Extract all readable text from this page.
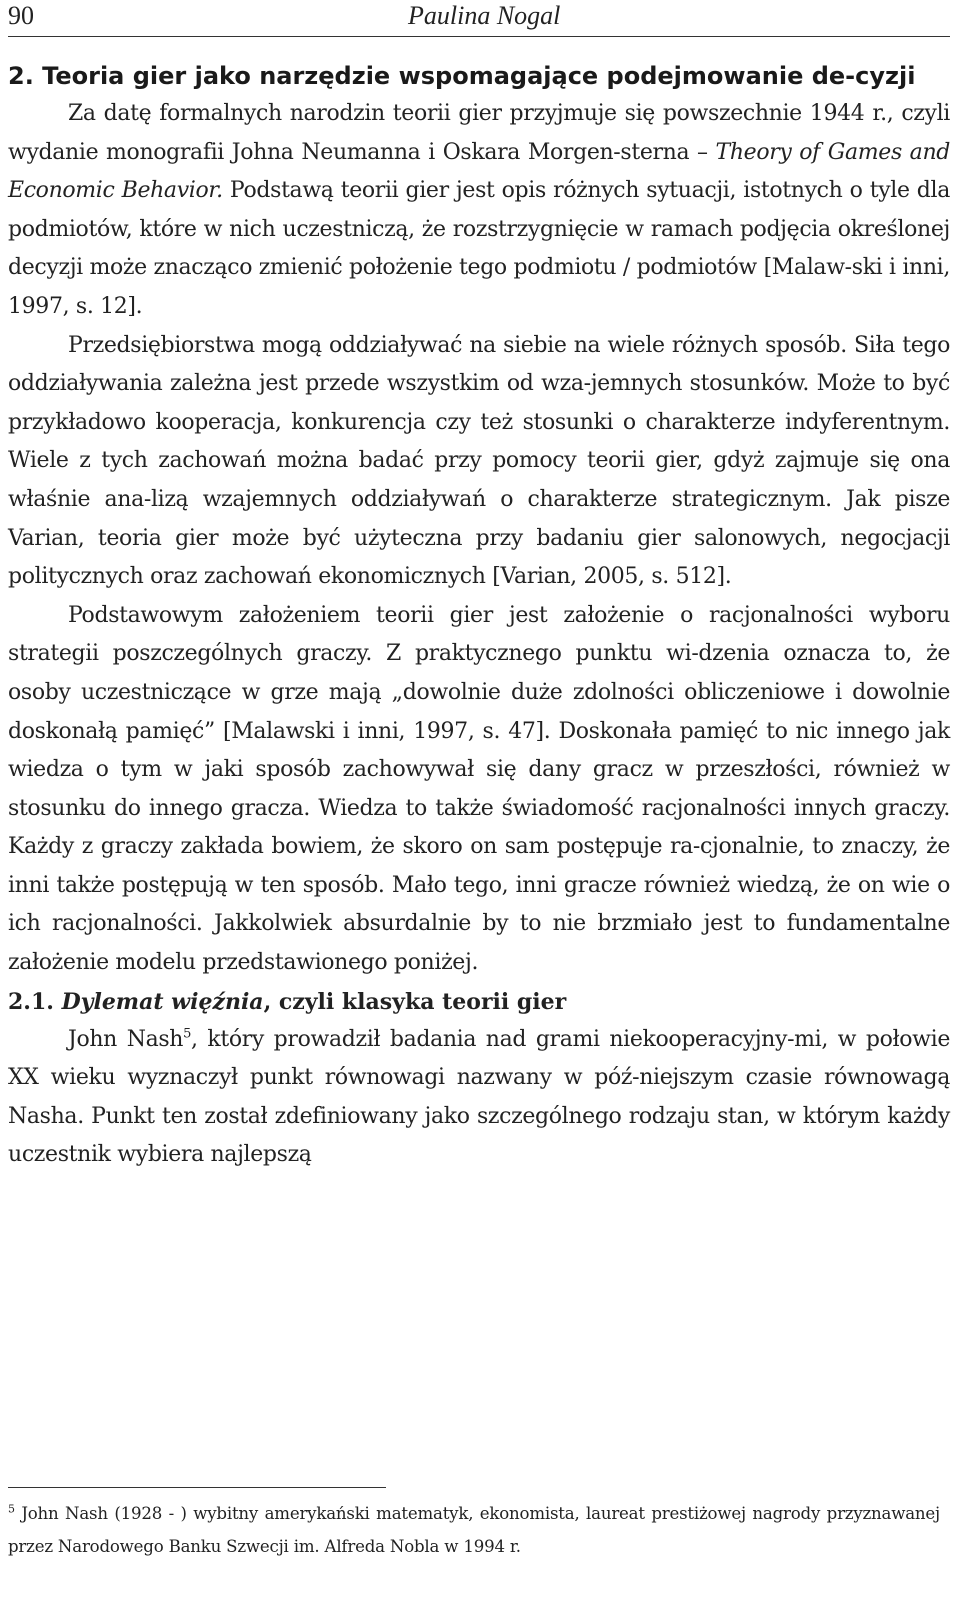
90	Paulina Nogal
2. Teoria gier jako narzędzie wspomagające podejmowanie de-cyzji

Za datę formalnych narodzin teorii gier przyjmuje się powszechnie 1944 r., czyli wydanie monografii Johna Neumanna i Oskara Morgen-sterna – Theory of Games and Economic Behavior. Podstawą teorii gier jest opis różnych sytuacji, istotnych o tyle dla podmiotów, które w nich uczestniczą, że rozstrzygnięcie w ramach podjęcia określonej decyzji może znacząco zmienić położenie tego podmiotu / podmiotów [Malaw-ski i inni, 1997, s. 12].

Przedsiębiorstwa mogą oddziaływać na siebie na wiele różnych sposób. Siła tego oddziaływania zależna jest przede wszystkim od wza-jemnych stosunków. Może to być przykładowo kooperacja, konkurencja czy też stosunki o charakterze indyferentnym. Wiele z tych zachowań można badać przy pomocy teorii gier, gdyż zajmuje się ona właśnie ana-lizą wzajemnych oddziaływań o charakterze strategicznym. Jak pisze Varian, teoria gier może być użyteczna przy badaniu gier salonowych, negocjacji politycznych oraz zachowań ekonomicznych [Varian, 2005, s. 512].

Podstawowym założeniem teorii gier jest założenie o racjonalności wyboru strategii poszczególnych graczy. Z praktycznego punktu wi-dzenia oznacza to, że osoby uczestniczące w grze mają „dowolnie duże zdolności obliczeniowe i dowolnie doskonałą pamięć” [Malawski i inni, 1997, s. 47]. Doskonała pamięć to nic innego jak wiedza o tym w jaki sposób zachowywał się dany gracz w przeszłości, również w stosunku do innego gracza. Wiedza to także świadomość racjonalności innych graczy. Każdy z graczy zakłada bowiem, że skoro on sam postępuje ra-cjonalnie, to znaczy, że inni także postępują w ten sposób. Mało tego, inni gracze również wiedzą, że on wie o ich racjonalności. Jakkolwiek absurdalnie by to nie brzmiało jest to fundamentalne założenie modelu przedstawionego poniżej.

2.1. Dylemat więźnia, czyli klasyka teorii gier

John Nash$^5$, który prowadził badania nad grami niekooperacyjny-mi, w połowie XX wieku wyznaczył punkt równowagi nazwany w póź-niejszym czasie równowagą Nasha. Punkt ten został zdefiniowany jako szczególnego rodzaju stan, w którym każdy uczestnik wybiera najlepszą

$^5$ John Nash (1928 - ) wybitny amerykański matematyk, ekonomista, laureat prestiżowej nagrody przyznawanej przez Narodowego Banku Szwecji im. Alfreda Nobla w 1994 r.
